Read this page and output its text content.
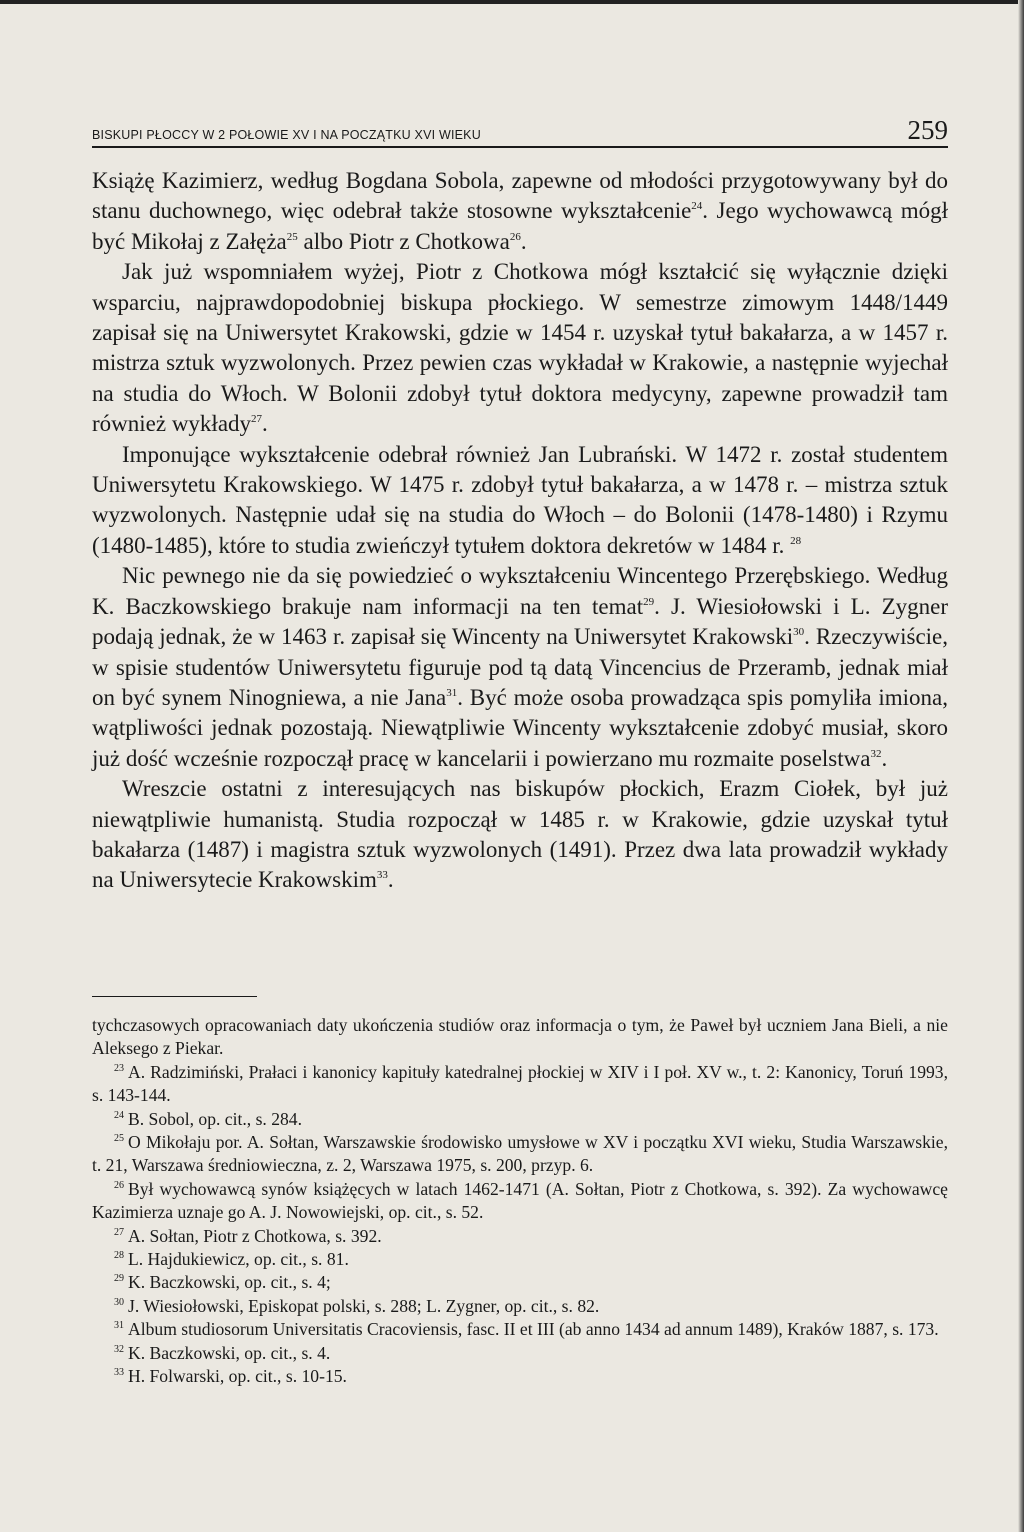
BISKUPI PŁOCCY W 2 POŁOWIE XV I NA POCZĄTKU XVI WIEKU	259

Książę Kazimierz, według Bogdana Sobola, zapewne od młodości przygotowywany był do stanu duchownego, więc odebrał także stosowne wykształcenie$^{24}$. Jego wychowawcą mógł być Mikołaj z Załęża$^{25}$ albo Piotr z Chotkowa$^{26}$.

Jak już wspomniałem wyżej, Piotr z Chotkowa mógł kształcić się wyłącznie dzięki wsparciu, najprawdopodobniej biskupa płockiego. W semestrze zimowym 1448/1449 zapisał się na Uniwersytet Krakowski, gdzie w 1454 r. uzyskał tytuł bakałarza, a w 1457 r. mistrza sztuk wyzwolonych. Przez pewien czas wykładał w Krakowie, a następnie wyjechał na studia do Włoch. W Bolonii zdobył tytuł doktora medycyny, zapewne prowadził tam również wykłady$^{27}$.

Imponujące wykształcenie odebrał również Jan Lubrański. W 1472 r. został studentem Uniwersytetu Krakowskiego. W 1475 r. zdobył tytuł bakałarza, a w 1478 r. – mistrza sztuk wyzwolonych. Następnie udał się na studia do Włoch – do Bolonii (1478-1480) i Rzymu (1480-1485), które to studia zwieńczył tytułem doktora dekretów w 1484 r. $^{28}$

Nic pewnego nie da się powiedzieć o wykształceniu Wincentego Przerębskiego. Według K. Baczkowskiego brakuje nam informacji na ten temat$^{29}$. J. Wiesiołowski i L. Zygner podają jednak, że w 1463 r. zapisał się Wincenty na Uniwersytet Krakowski$^{30}$. Rzeczywiście, w spisie studentów Uniwersytetu figuruje pod tą datą Vincencius de Przeramb, jednak miał on być synem Ninogniewa, a nie Jana$^{31}$. Być może osoba prowadząca spis pomyliła imiona, wątpliwości jednak pozostają. Niewątpliwie Wincenty wykształcenie zdobyć musiał, skoro już dość wcześnie rozpoczął pracę w kancelarii i powierzano mu rozmaite poselstwa$^{32}$.

Wreszcie ostatni z interesujących nas biskupów płockich, Erazm Ciołek, był już niewątpliwie humanistą. Studia rozpoczął w 1485 r. w Krakowie, gdzie uzyskał tytuł bakałarza (1487) i magistra sztuk wyzwolonych (1491). Przez dwa lata prowadził wykłady na Uniwersytecie Krakowskim$^{33}$.

tychczasowych opracowaniach daty ukończenia studiów oraz informacja o tym, że Paweł był uczniem Jana Bieli, a nie Aleksego z Piekar.

$^{23}$ A. Radzimiński, Prałaci i kanonicy kapituły katedralnej płockiej w XIV i I poł. XV w., t. 2: Kanonicy, Toruń 1993, s. 143-144.

$^{24}$ B. Sobol, op. cit., s. 284.

$^{25}$ O Mikołaju por. A. Sołtan, Warszawskie środowisko umysłowe w XV i początku XVI wieku, Studia Warszawskie, t. 21, Warszawa średniowieczna, z. 2, Warszawa 1975, s. 200, przyp. 6.

$^{26}$ Był wychowawcą synów książęcych w latach 1462-1471 (A. Sołtan, Piotr z Chotkowa, s. 392). Za wychowawcę Kazimierza uznaje go A. J. Nowowiejski, op. cit., s. 52.

$^{27}$ A. Sołtan, Piotr z Chotkowa, s. 392.

$^{28}$ L. Hajdukiewicz, op. cit., s. 81.

$^{29}$ K. Baczkowski, op. cit., s. 4;

$^{30}$ J. Wiesiołowski, Episkopat polski, s. 288; L. Zygner, op. cit., s. 82.

$^{31}$ Album studiosorum Universitatis Cracoviensis, fasc. II et III (ab anno 1434 ad annum 1489), Kraków 1887, s. 173.

$^{32}$ K. Baczkowski, op. cit., s. 4.

$^{33}$ H. Folwarski, op. cit., s. 10-15.
